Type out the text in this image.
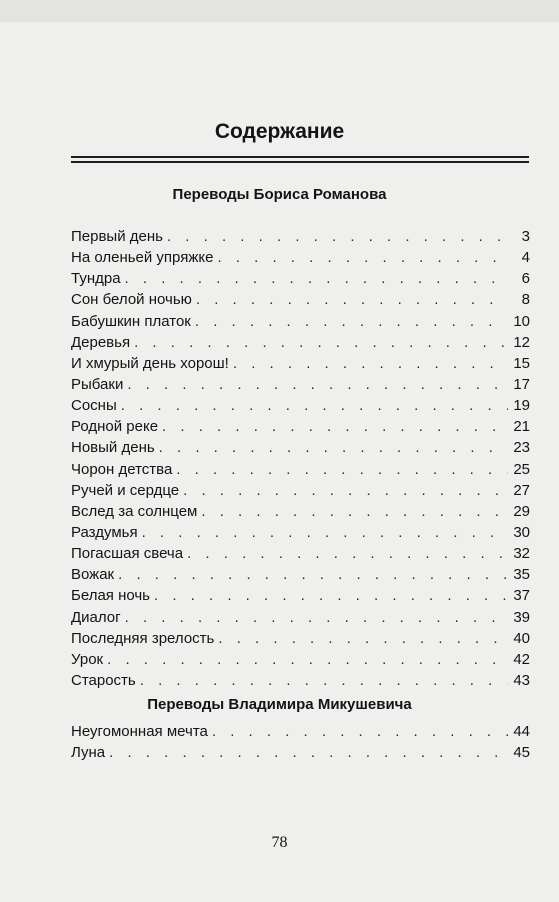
Содержание
Переводы Бориса Романова
Первый день . . .	3
На оленьей упряжке . . .	4
Тундра . . .	6
Сон белой ночью . . .	8
Бабушкин платок . . .	10
Деревья . . .	12
И хмурый день хорош! . . .	15
Рыбаки . . .	17
Сосны . . .	19
Родной реке . . .	21
Новый день . . .	23
Чорон детства . . .	25
Ручей и сердце . . .	27
Вслед за солнцем . . .	29
Раздумья . . .	30
Погасшая свеча . . .	32
Вожак . . .	35
Белая ночь . . .	37
Диалог . . .	39
Последняя зрелость . . .	40
Урок . . .	42
Старость . . .	43
Переводы Владимира Микушевича
Неугомонная мечта . . .	44
Луна . . .	45
78
